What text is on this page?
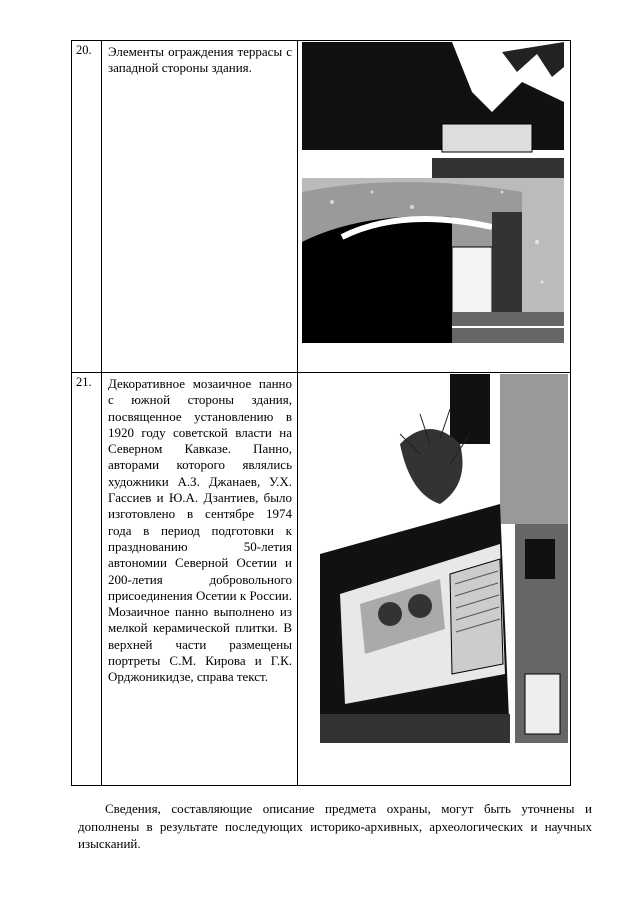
20.	Элементы ограждения террасы с западной стороны здания.

21.	Декоративное мозаичное панно с южной стороны здания, посвященное установлению в 1920 году советской власти на Северном Кавказе. Панно, авторами которого являлись художники А.З. Джанаев, У.Х. Гассиев и Ю.А. Дзантиев, было изготовлено в сентябре 1974 года в период подготовки к празднованию 50-летия автономии Северной Осетии и 200-летия добровольного присоединения Осетии к России. Мозаичное панно выполнено из мелкой керамической плитки. В верхней части размещены портреты С.М. Кирова и Г.К. Орджоникидзе, справа текст.

Сведения, составляющие описание предмета охраны, могут быть уточнены и дополнены в результате последующих историко-архивных, археологических и научных изысканий.
